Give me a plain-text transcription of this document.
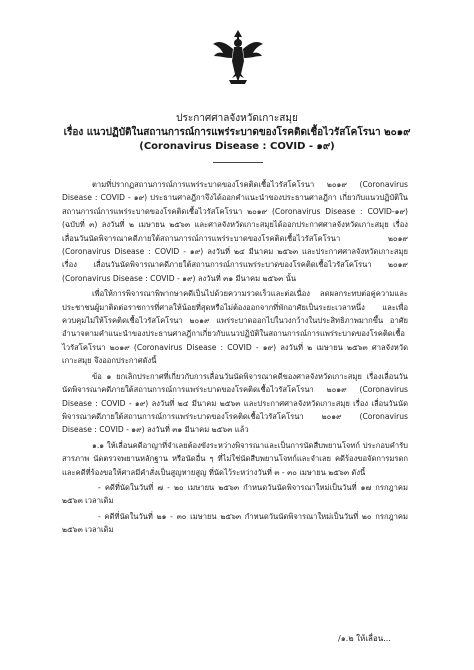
ประกาศศาลจังหวัดเกาะสมุย
เรื่อง แนวปฏิบัติในสถานการณ์การแพร่ระบาดของโรคติดเชื้อไวรัสโคโรนา ๒๐๑๙
(Coronavirus Disease : COVID - ๑๙)

ตามที่ปรากฏสถานการณ์การแพร่ระบาดของโรคติดเชื้อไวรัสโคโรนา ๒๐๑๙ (Coronavirus Disease : COVID - ๑๙) ประธานศาลฎีกาจึงได้ออกคำแนะนำของประธานศาลฎีกา เกี่ยวกับแนวปฏิบัติในสถานการณ์การแพร่ระบาดของโรคติดเชื้อไวรัสโคโรนา ๒๐๑๙ (Coronavirus Disease : COVID-๑๙) (ฉบับที่ ๓) ลงวันที่ ๒ เมษายน ๒๕๖๓ และศาลจังหวัดเกาะสมุยได้ออกประกาศศาลจังหวัดเกาะสมุย เรื่อง เลื่อนวันนัดพิจารณาคดีภายใต้สถานการณ์การแพร่ระบาดของโรคติดเชื้อไวรัสโคโรนา ๒๐๑๙ (Coronavirus Disease : COVID - ๑๙) ลงวันที่ ๒๔ มีนาคม ๒๕๖๓ และประกาศศาลจังหวัดเกาะสมุย เรื่อง เลื่อนวันนัดพิจารณาคดีภายใต้สถานการณ์การแพร่ระบาดของโรคติดเชื้อไวรัสโคโรนา ๒๐๑๙ (Coronavirus Disease : COVID - ๑๙) ลงวันที่ ๓๑ มีนาคม ๒๕๖๓ นั้น

เพื่อให้การพิจารณาพิพากษาคดีเป็นไปด้วยความรวดเร็วและต่อเนื่อง ลดผลกระทบต่อคู่ความและประชาชนผู้มาติดต่อราชการที่ศาลให้น้อยที่สุดหรือไม่ต้องออกจากที่พักอาศัยเป็นระยะเวลาหนึ่ง และเพื่อควบคุมไม่ให้โรคติดเชื้อไวรัสโคโรนา ๒๐๑๙ แพร่ระบาดออกไปในวงกว้างในประสิทธิภาพมากขึ้น อาศัยอำนาจตามคำแนะนำของประธานศาลฎีกาเกี่ยวกับแนวปฏิบัติในสถานการณ์การแพร่ระบาดของโรคติดเชื้อไวรัสโคโรนา ๒๐๑๙ (Coronavirus Disease : COVID - ๑๙) ลงวันที่ ๒ เมษายน ๒๕๖๓ ศาลจังหวัดเกาะสมุย จึงออกประกาศดังนี้

ข้อ ๑ ยกเลิกประกาศที่เกี่ยวกับการเลื่อนวันนัดพิจารณาคดีของศาลจังหวัดเกาะสมุย เรื่องเลื่อนวันนัดพิจารณาคดีภายใต้สถานการณ์การแพร่ระบาดของโรคติดเชื้อไวรัสโคโรนา ๒๐๑๙ (Coronavirus Disease : COVID - ๑๙) ลงวันที่ ๒๔ มีนาคม ๒๕๖๓ และประกาศศาลจังหวัดเกาะสมุย เรื่อง เลื่อนวันนัดพิจารณาคดีภายใต้สถานการณ์การแพร่ระบาดของโรคติดเชื้อไวรัสโคโรนา ๒๐๑๙ (Coronavirus Disease : COVID - ๑๙) ลงวันที่ ๓๑ มีนาคม ๒๕๖๓ แล้ว

๑.๑ ให้เลื่อนคดีอาญาที่จำเลยต้องขังระหว่างพิจารณาและเป็นการนัดสืบพยานโจทก์ ประกอบคำรับสารภาพ นัดตรวจพยานหลักฐาน หรือนัดอื่น ๆ ที่ไม่ใช่นัดสืบพยานโจทก์และจำเลย คดีร้องขอจัดการมรดก และคดีที่ร้องขอให้ศาลมีคำสั่งเป็นสูญหายสูญ ที่นัดไว้ระหว่างวันที่ ๓ - ๓๐ เมษายน ๒๕๖๓ ดังนี้

- คดีที่นัดในวันที่ ๗ - ๒๐ เมษายน ๒๕๖๓ กำหนดวันนัดพิจารณาใหม่เป็นวันที่ ๑๗ กรกฎาคม ๒๕๖๓ เวลาเดิม

- คดีที่นัดในวันที่ ๒๑ - ๓๐ เมษายน ๒๕๖๓ กำหนดวันนัดพิจารณาใหม่เป็นวันที่ ๒๐ กรกฎาคม ๒๕๖๓ เวลาเดิม

/๑.๒ ให้เลื่อน...
